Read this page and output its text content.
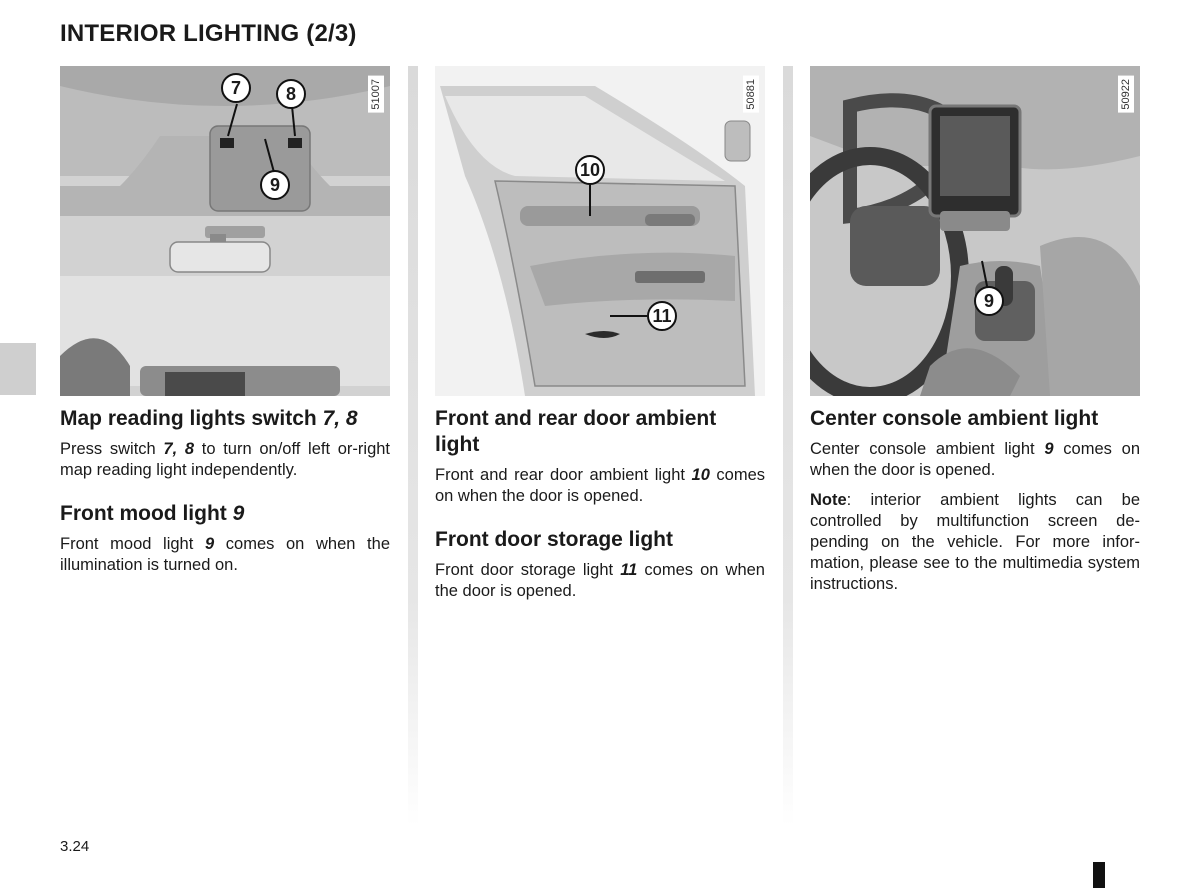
INTERIOR LIGHTING (2/3)
7	8
9
51007
Map reading lights switch 7, 8

Press switch 7, 8 to turn on/off left or-right map reading light independently.

Front mood light 9

Front mood light 9 comes on when the illumination is turned on.

10
11
50881
Front and rear door ambient light

Front and rear door ambient light 10 comes on when the door is opened.

Front door storage light

Front door storage light 11 comes on when the door is opened.

9
50922
Center console ambient light

Center console ambient light 9 comes on when the door is opened.

Note: interior ambient lights can be controlled by multifunction screen de-pending on the vehicle. For more infor-mation, please see to the multimedia system instructions.

3.24
